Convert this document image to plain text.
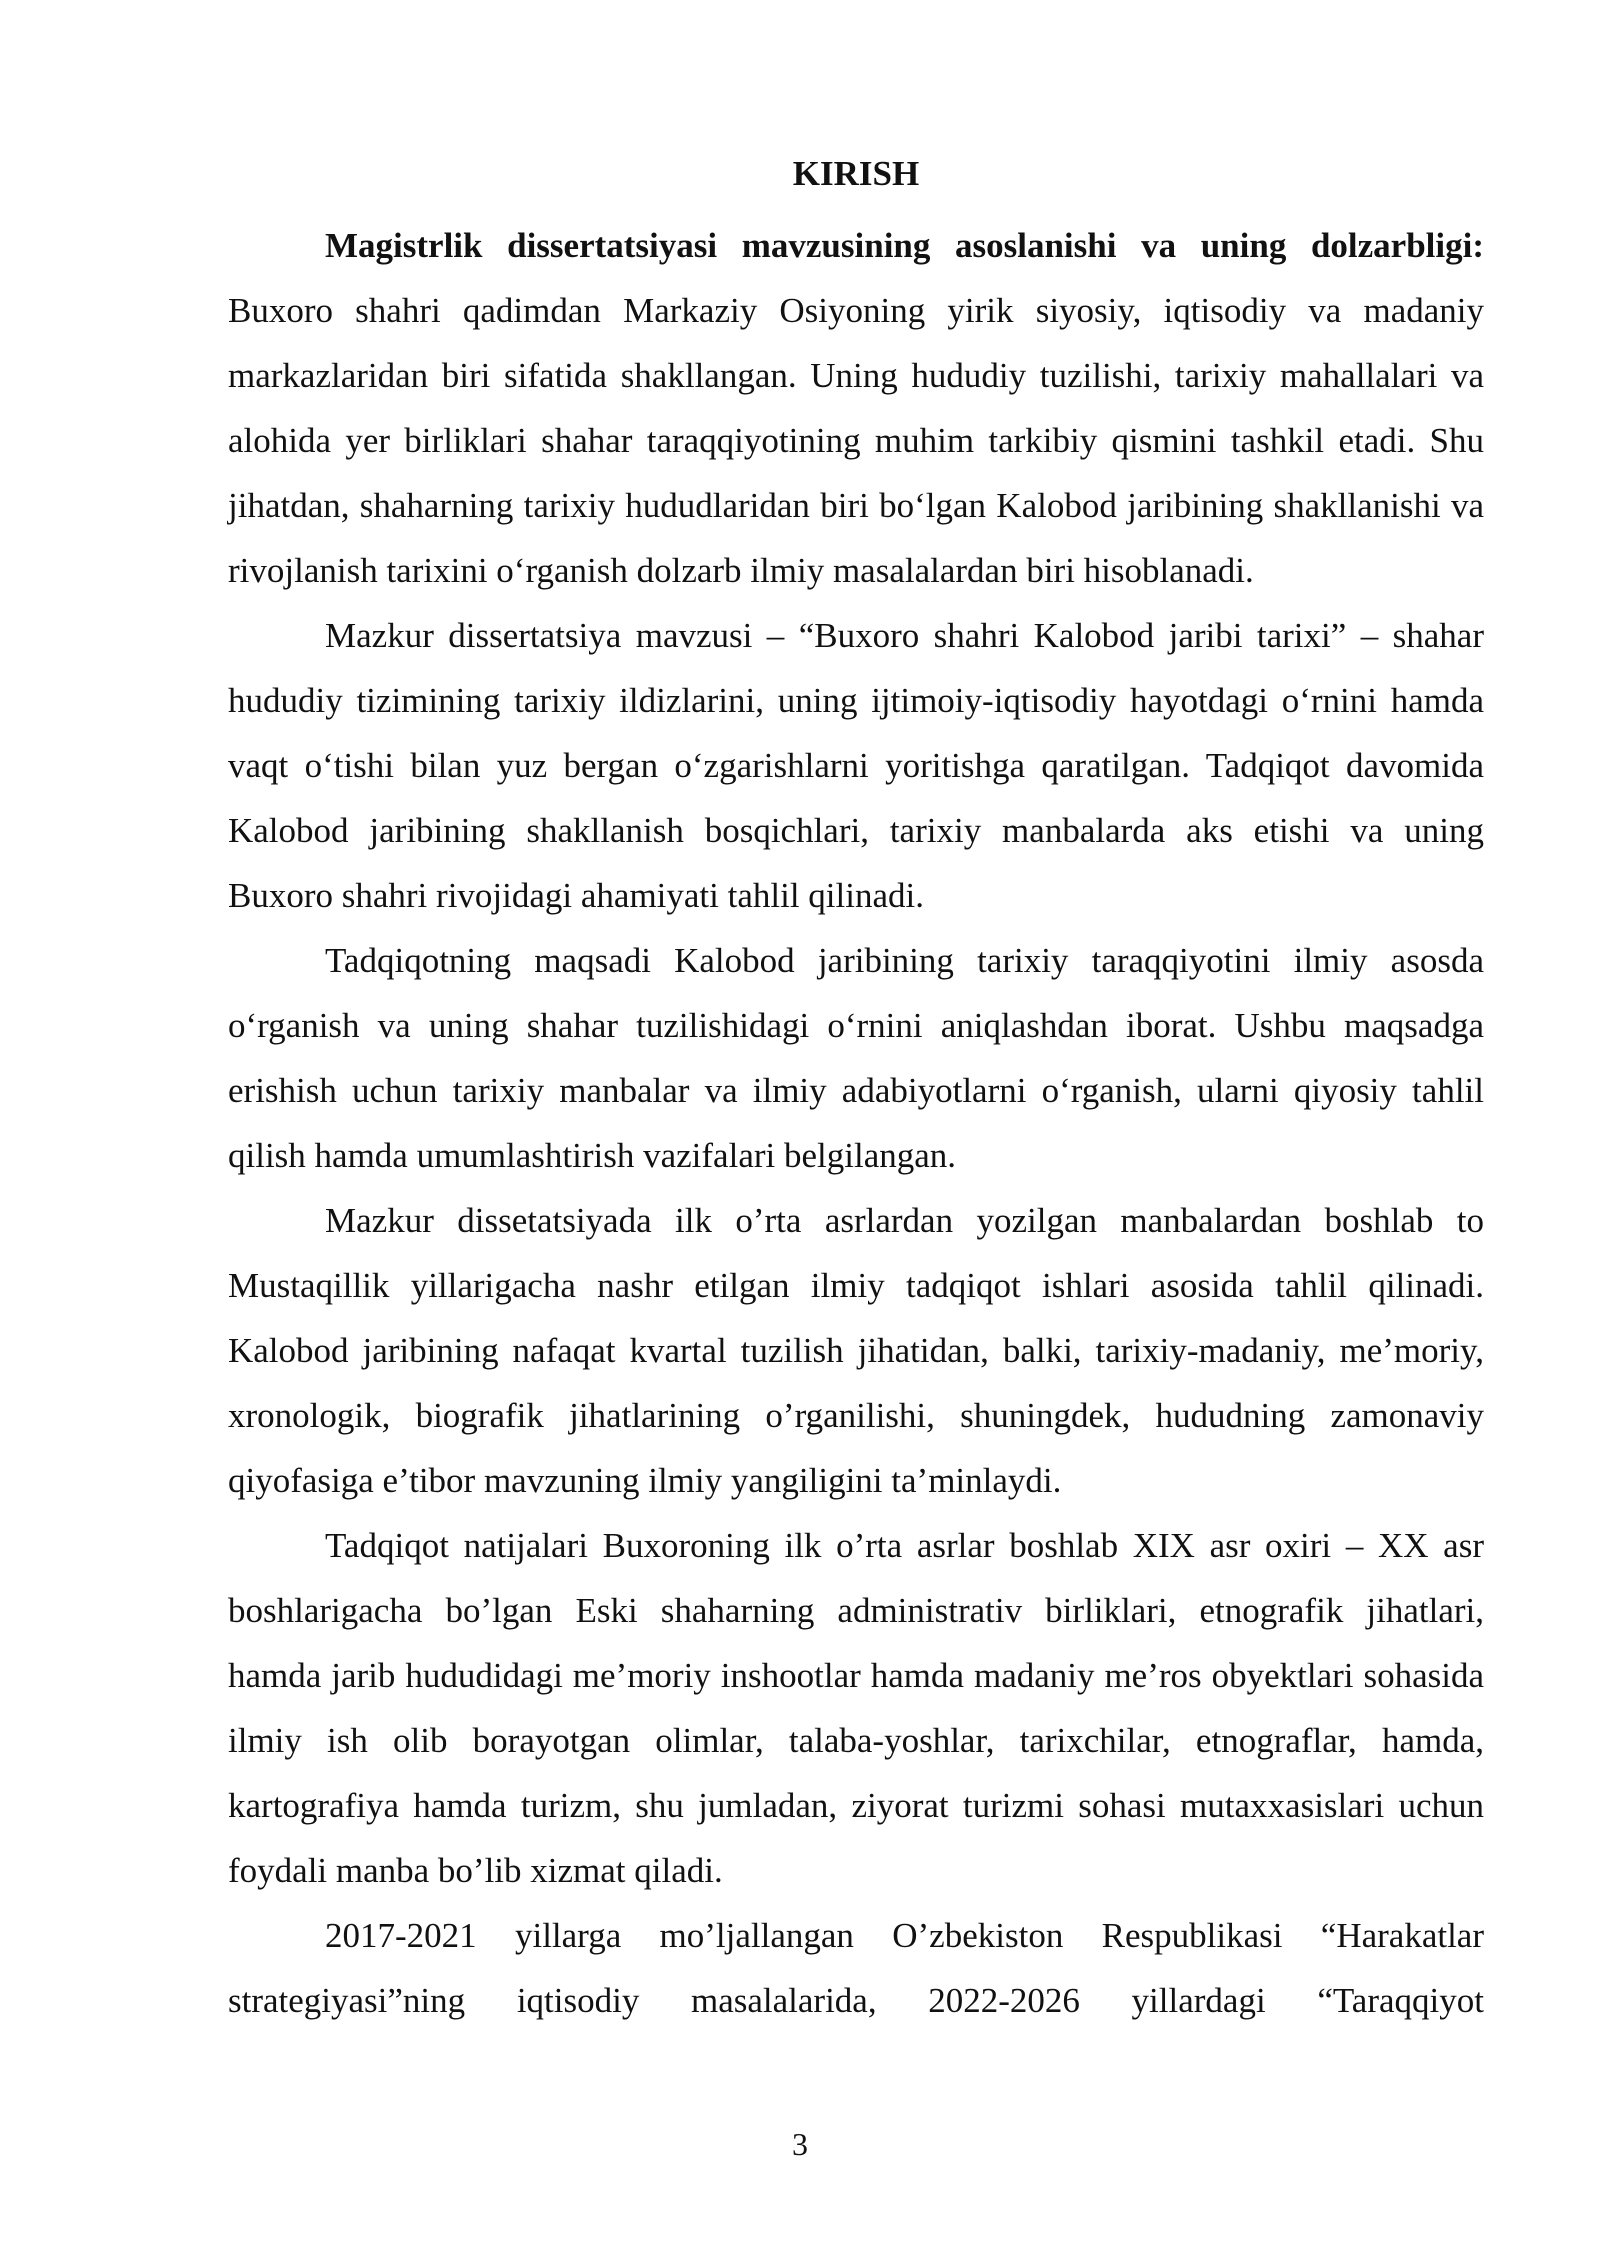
KIRISH

Magistrlik dissertatsiyasi mavzusining asoslanishi va uning dolzarbligi: Buxoro shahri qadimdan Markaziy Osiyoning yirik siyosiy, iqtisodiy va madaniy markazlaridan biri sifatida shakllangan. Uning hududiy tuzilishi, tarixiy mahallalari va alohida yer birliklari shahar taraqqiyotining muhim tarkibiy qismini tashkil etadi. Shu jihatdan, shaharning tarixiy hududlaridan biri bo‘lgan Kalobod jaribining shakllanishi va rivojlanish tarixini o‘rganish dolzarb ilmiy masalalardan biri hisoblanadi.

Mazkur dissertatsiya mavzusi – “Buxoro shahri Kalobod jaribi tarixi” – shahar hududiy tizimining tarixiy ildizlarini, uning ijtimoiy-iqtisodiy hayotdagi o‘rnini hamda vaqt o‘tishi bilan yuz bergan o‘zgarishlarni yoritishga qaratilgan. Tadqiqot davomida Kalobod jaribining shakllanish bosqichlari, tarixiy manbalarda aks etishi va uning Buxoro shahri rivojidagi ahamiyati tahlil qilinadi.

Tadqiqotning maqsadi Kalobod jaribining tarixiy taraqqiyotini ilmiy asosda o‘rganish va uning shahar tuzilishidagi o‘rnini aniqlashdan iborat. Ushbu maqsadga erishish uchun tarixiy manbalar va ilmiy adabiyotlarni o‘rganish, ularni qiyosiy tahlil qilish hamda umumlashtirish vazifalari belgilangan.

Mazkur dissetatsiyada ilk o’rta asrlardan yozilgan manbalardan boshlab to Mustaqillik yillarigacha nashr etilgan ilmiy tadqiqot ishlari asosida tahlil qilinadi. Kalobod jaribining nafaqat kvartal tuzilish jihatidan, balki, tarixiy-madaniy, me’moriy, xronologik, biografik jihatlarining o’rganilishi, shuningdek, hududning zamonaviy qiyofasiga e’tibor mavzuning ilmiy yangiligini ta’minlaydi.

Tadqiqot natijalari Buxoroning ilk o’rta asrlar boshlab XIX asr oxiri – XX asr boshlarigacha bo’lgan Eski shaharning administrativ birliklari, etnografik jihatlari, hamda jarib hududidagi me’moriy inshootlar hamda madaniy me’ros obyektlari sohasida ilmiy ish olib borayotgan olimlar, talaba-yoshlar, tarixchilar, etnograflar, hamda, kartografiya hamda turizm, shu jumladan, ziyorat turizmi sohasi mutaxxasislari uchun foydali manba bo’lib xizmat qiladi.

2017-2021 yillarga mo’ljallangan O’zbekiston Respublikasi “Harakatlar strategiyasi”ning iqtisodiy masalalarida, 2022-2026 yillardagi “Taraqqiyot

3
